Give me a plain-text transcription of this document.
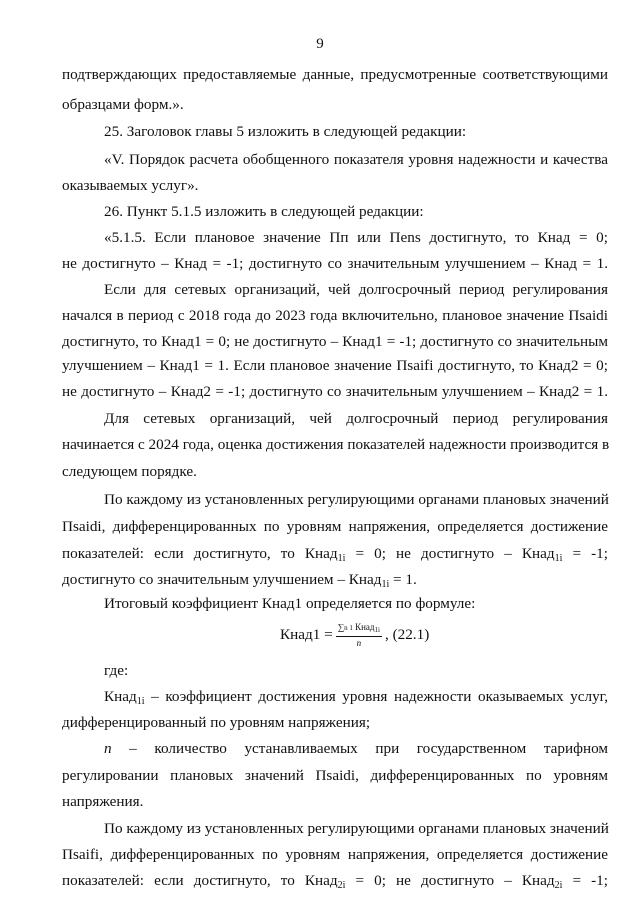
9
подтверждающих предоставляемые данные, предусмотренные соответствующими
образцами форм.».
25. Заголовок главы 5 изложить в следующей редакции:
«V. Порядок расчета обобщенного показателя уровня надежности и качества
оказываемых услуг».
26. Пункт 5.1.5 изложить в следующей редакции:
«5.1.5. Если плановое значение Пп или Пens достигнуто, то Кнад = 0;
не достигнуто – Кнад = -1; достигнуто со значительным улучшением – Кнад = 1.
Если для сетевых организаций, чей долгосрочный период регулирования
начался в период с 2018 года до 2023 года включительно, плановое значение Пsaidi
достигнуто, то Кнад1 = 0; не достигнуто – Кнад1 = -1; достигнуто со значительным
улучшением – Кнад1 = 1. Если плановое значение Пsaifi достигнуто, то Кнад2 = 0;
не достигнуто – Кнад2 = -1; достигнуто со значительным улучшением – Кнад2 = 1.
Для сетевых организаций, чей долгосрочный период регулирования
начинается с 2024 года, оценка достижения показателей надежности производится в
следующем порядке.
По каждому из установленных регулирующими органами плановых значений
Пsaidi, дифференцированных по уровням напряжения, определяется достижение
показателей: если достигнуто, то Кнад$_{1i}$ = 0; не достигнуто – Кнад$_{1i}$ = -1;
достигнуто со значительным улучшением – Кнад$_{1i}$ = 1.
Итоговый коэффициент Кнад1 определяется по формуле:
Кнад1 = $\frac{\sum n 1 Кнад_{1i}}{n}$ , (22.1)
где:
Кнад$_{1i}$ – коэффициент достижения уровня надежности оказываемых услуг,
дифференцированный по уровням напряжения;
n – количество устанавливаемых при государственном тарифном
регулировании плановых значений Пsaidi, дифференцированных по уровням
напряжения.
По каждому из установленных регулирующими органами плановых значений
Пsaifi, дифференцированных по уровням напряжения, определяется достижение
показателей: если достигнуто, то Кнад$_{2i}$ = 0; не достигнуто – Кнад$_{2i}$ = -1;
